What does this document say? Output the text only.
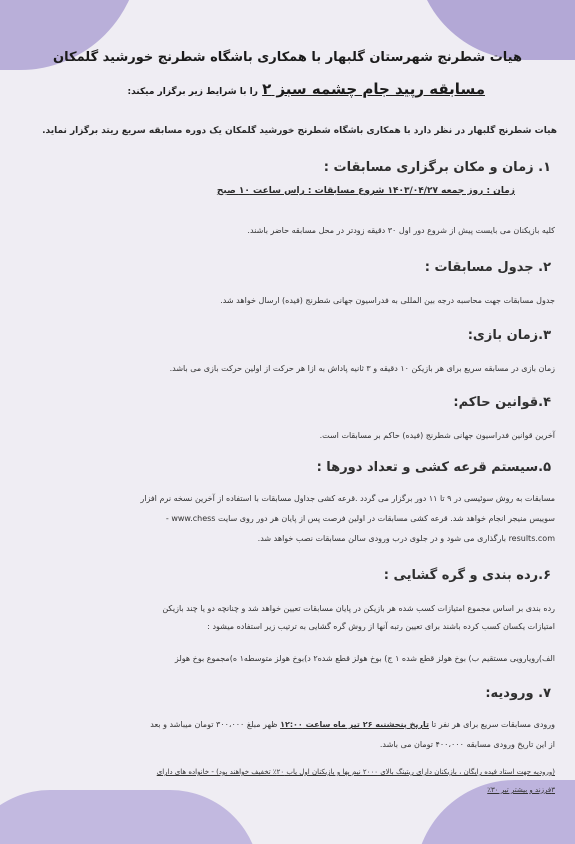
هیات شطرنج شهرستان گلبهار با همکاری باشگاه شطرنج خورشید گلمکان
مسابقه رپید جام چشمه سبز ۲ را با شرایط زیر برگزار میکند:
هیات شطرنج گلبهار در نظر دارد با همکاری باشگاه شطرنج خورشید گلمکان یک دوره مسابقه سریع ریتد برگزار نماید.
۱. زمان و مکان برگزاری مسابقات :
زمان : روز جمعه ۱۴۰۳/۰۴/۲۷ شروع مسابقات : راس ساعت ۱۰ صبح
کلیه بازیکنان می بایست پیش از شروع دور اول ۳۰ دقیقه زودتر در محل مسابقه حاضر باشند.
۲. جدول مسابقات :
جدول مسابقات جهت محاسبه درجه بین المللی به فدراسیون جهانی شطرنج (فیده) ارسال خواهد شد.
۳.زمان بازی:
زمان بازی در مسابقه سریع برای هر بازیکن ۱۰ دقیقه و ۳ ثانیه پاداش به ازا هر حرکت از اولین حرکت بازی می باشد.
۴.قوانین حاکم:
آخرین قوانین فدراسیون جهانی شطرنج (فیده) حاکم بر مسابقات است.
۵.سیستم قرعه کشی و تعداد دورها :
مسابقات به روش سوئیسی در ۹ تا ۱۱ دور برگزار می گردد .قرعه کشی جداول مسابقات با استفاده از آخرین نسخه نرم افزار
سوییس منیجر انجام خواهد شد. قرعه کشی مسابقات در اولین فرصت پس از پایان هر دور روی سایت www.chess -
results.com بارگذاری می شود و در جلوی درب ورودی سالن مسابقات نصب خواهد شد.
۶.رده بندی و گره گشایی :
رده بندی بر اساس مجموع امتیازات کسب شده هر بازیکن در پایان مسابقات تعیین خواهد شد و چنانچه دو یا چند بازیکن
امتیازات یکسان کسب کرده باشند برای تعیین رتبه آنها از روش گره گشایی به ترتیب زیر استفاده میشود :
الف)رویارویی مستقیم ب) بوخ هولز قطع شده ۱ ج) بوخ هولز قطع شده۲ د)بوخ هولز متوسطه۱ ه)مجموع بوخ هولز
۷. ورودیه:
ورودی مسابقات سریع برای هر نفر تا تاریخ پنجشنبه ۲۶ تیر ماه ساعت ۱۲:۰۰ ظهر مبلغ ۳۰۰،۰۰۰ تومان میباشد و بعد
از این تاریخ ورودی مسابقه ۴۰۰،۰۰۰ تومان می باشد.
(ورودیه جهت استاد فیده رایگان ، بازیکنان دارای ریتینگ بالای ۲۰۰۰ نیم بها و بازیکنان اول یاب ۲۰٪ تخفیف خواهند بود) - خانواده های دارای
۳فرزند و بیشتر تیر ۳۰٪
